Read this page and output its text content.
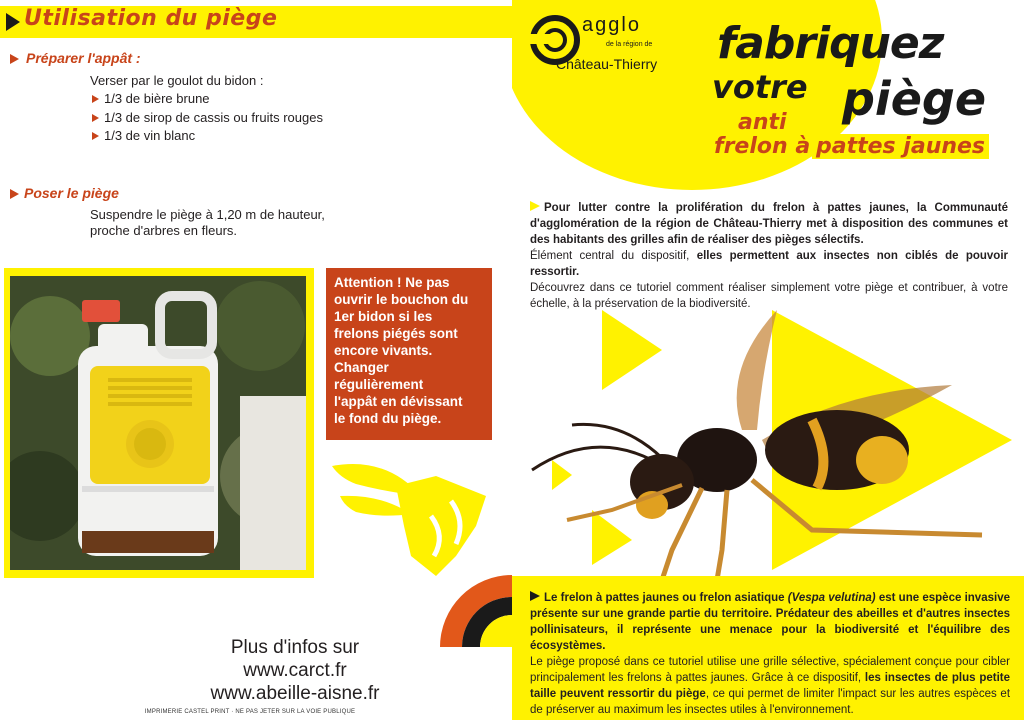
Utilisation du piège
Préparer l'appât :
Verser par le goulot du bidon :
1/3 de bière brune
1/3 de sirop de cassis ou fruits rouges
1/3 de vin blanc
Poser le piège
Suspendre le piège à 1,20 m de hauteur,
proche d'arbres en fleurs.
Attention ! Ne pas
ouvrir le bouchon du
1er bidon si les
frelons piégés sont
encore vivants.
Changer
régulièrement
l'appât en dévissant
le fond du piège.
Plus d'infos sur
www.carct.fr
www.abeille-aisne.fr
IMPRIMERIE CASTEL PRINT · NE PAS JETER SUR LA VOIE PUBLIQUE
agglo
de la région de
Château-Thierry fabriquez
votre piège
anti
frelon à pattes jaunes
Pour lutter contre la prolifération du frelon à pattes jaunes, la Communauté d'agglomération de la région de Château-Thierry met à disposition des communes et des habitants des grilles afin de réaliser des pièges sélectifs.
Élément central du dispositif, elles permettent aux insectes non ciblés de pouvoir ressortir.
Découvrez dans ce tutoriel comment réaliser simplement votre piège et contribuer, à votre échelle, à la préservation de la biodiversité.
Le frelon à pattes jaunes ou frelon asiatique (Vespa velutina) est une espèce invasive présente sur une grande partie du territoire. Prédateur des abeilles et d'autres insectes pollinisateurs, il représente une menace pour la biodiversité et l'équilibre des écosystèmes.
Le piège proposé dans ce tutoriel utilise une grille sélective, spécialement conçue pour cibler principalement les frelons à pattes jaunes. Grâce à ce dispositif, les insectes de plus petite taille peuvent ressortir du piège, ce qui permet de limiter l'impact sur les autres espèces et de préserver au maximum les insectes utiles à l'environnement.
